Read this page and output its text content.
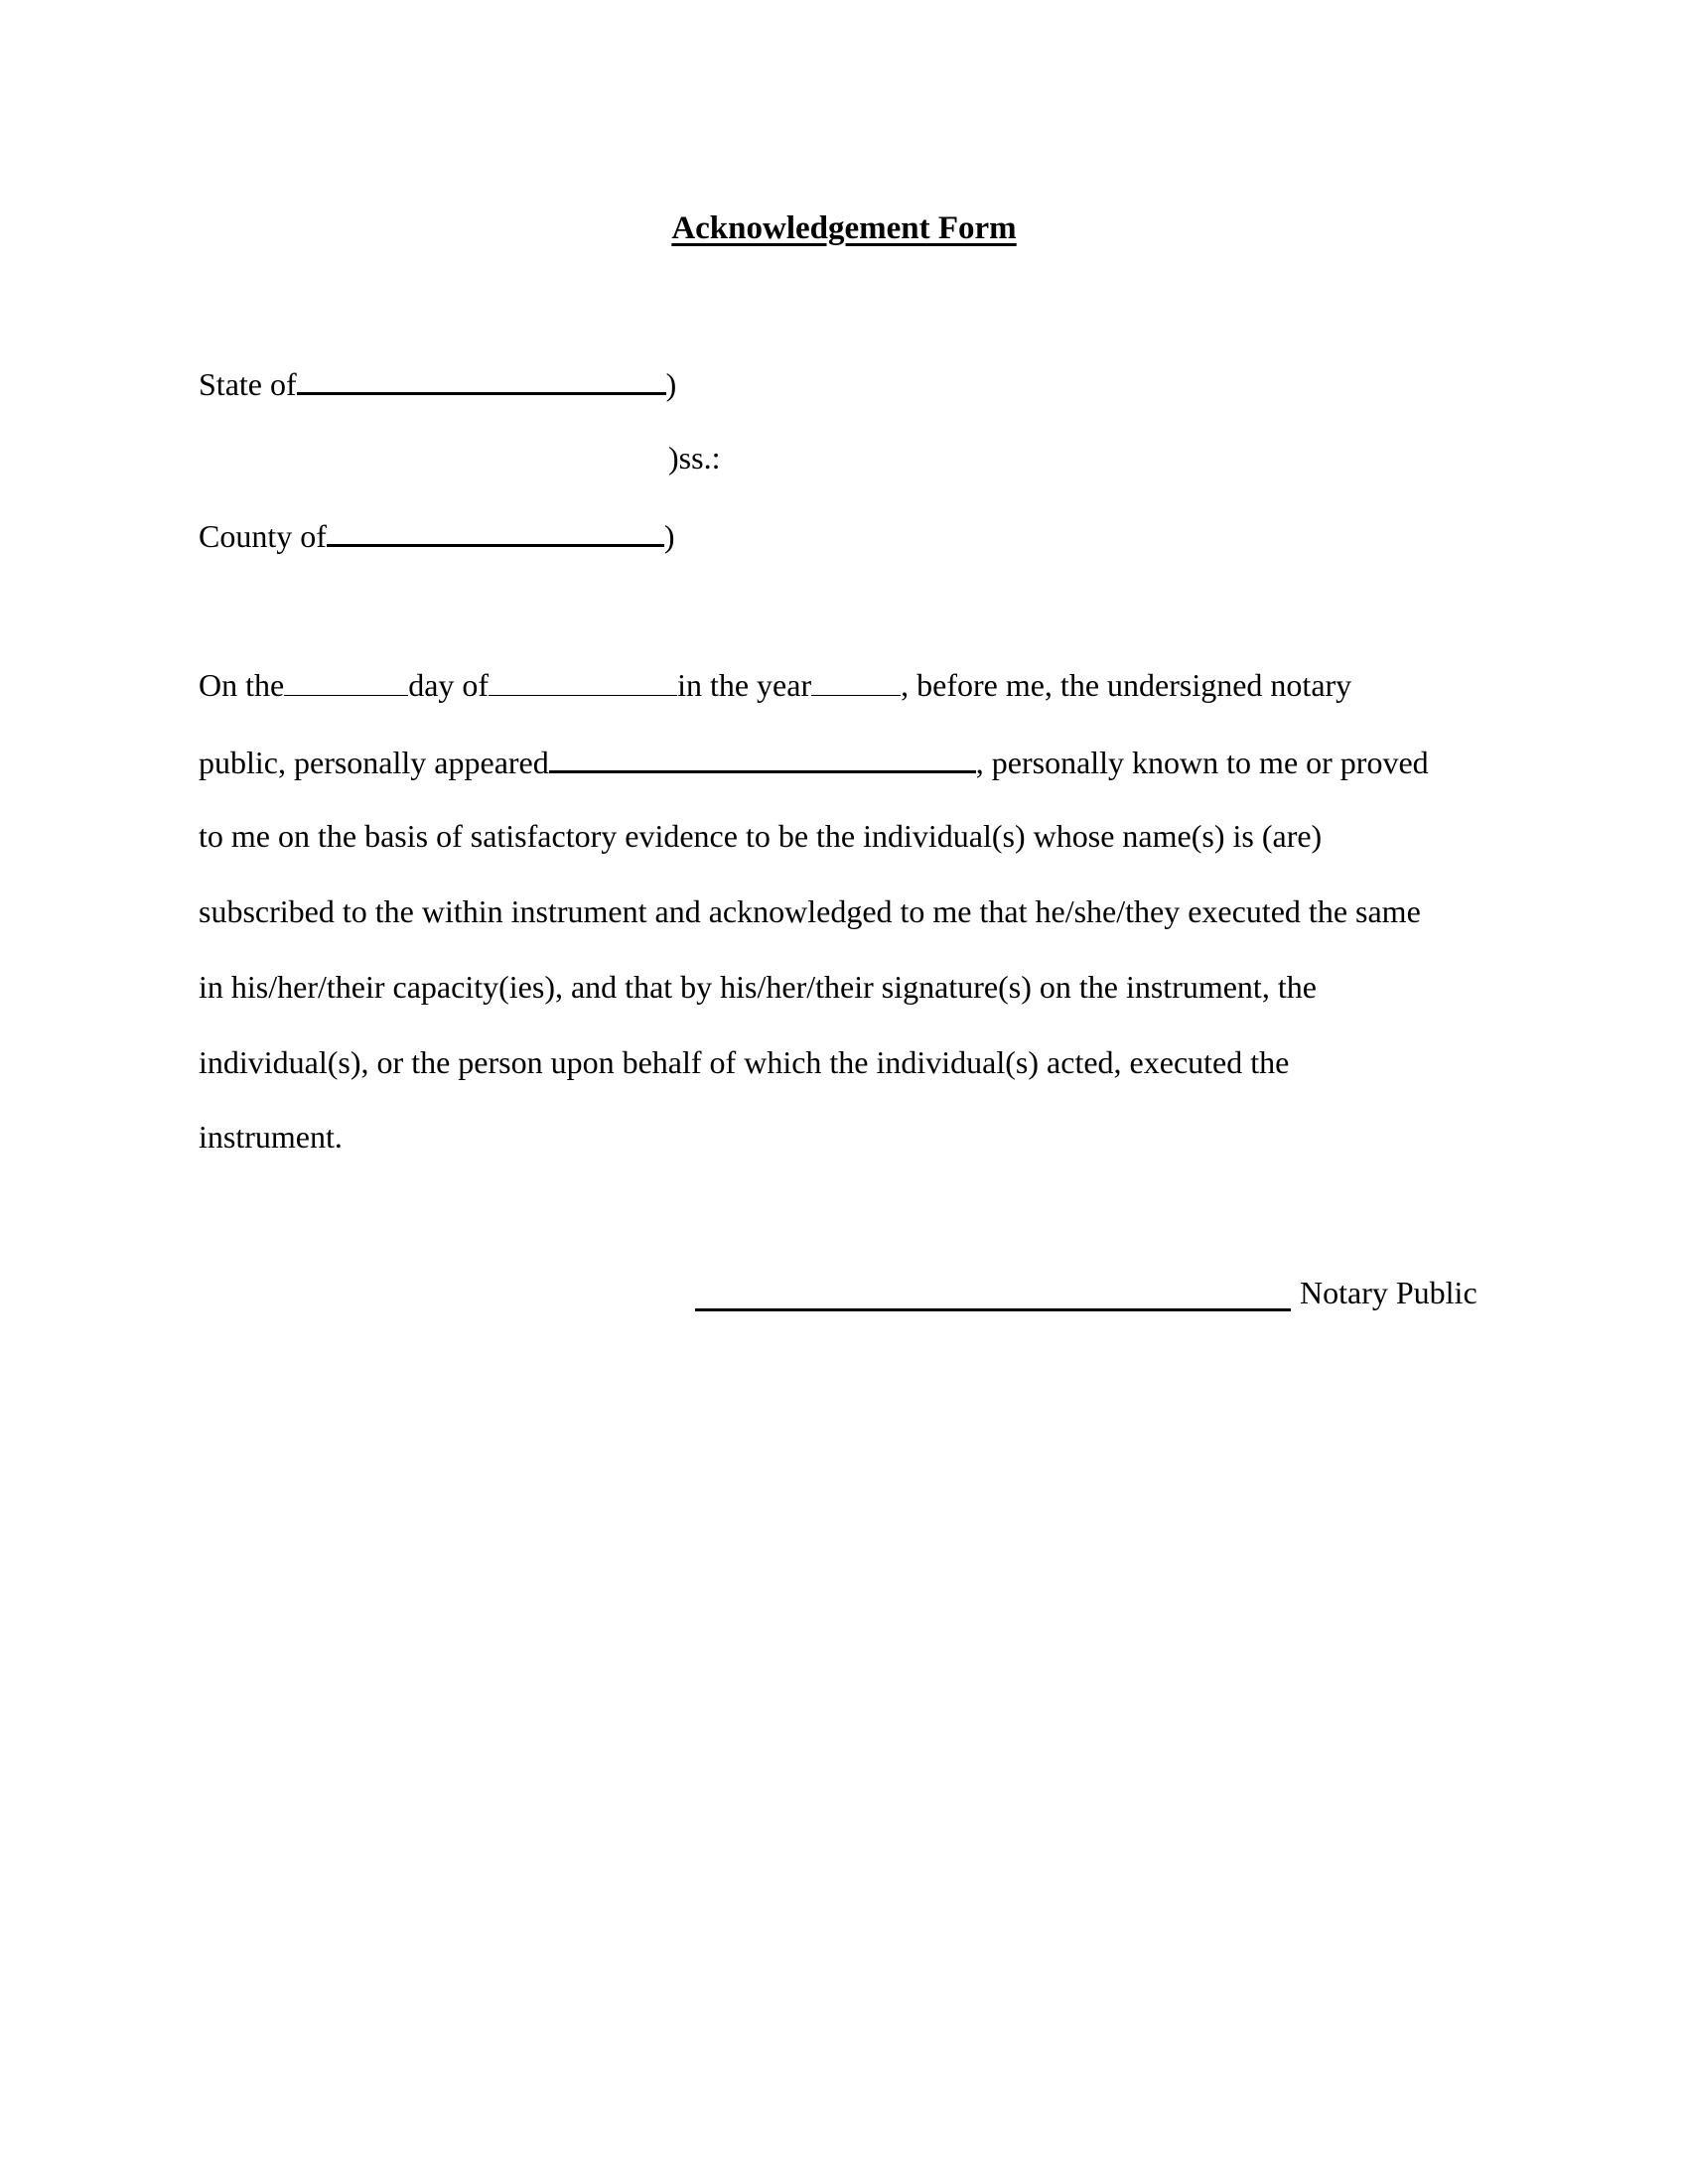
Acknowledgement Form
State of	)
)ss.:
County of	)
On the	day of	in the year	, before me, the undersigned notary
public, personally appeared	, personally known to me or proved
to me on the basis of satisfactory evidence to be the individual(s) whose name(s) is (are)
subscribed to the within instrument and acknowledged to me that he/she/they executed the same
in his/her/their capacity(ies), and that by his/her/their signature(s) on the instrument, the
individual(s), or the person upon behalf of which the individual(s) acted, executed the
instrument.
Notary Public
